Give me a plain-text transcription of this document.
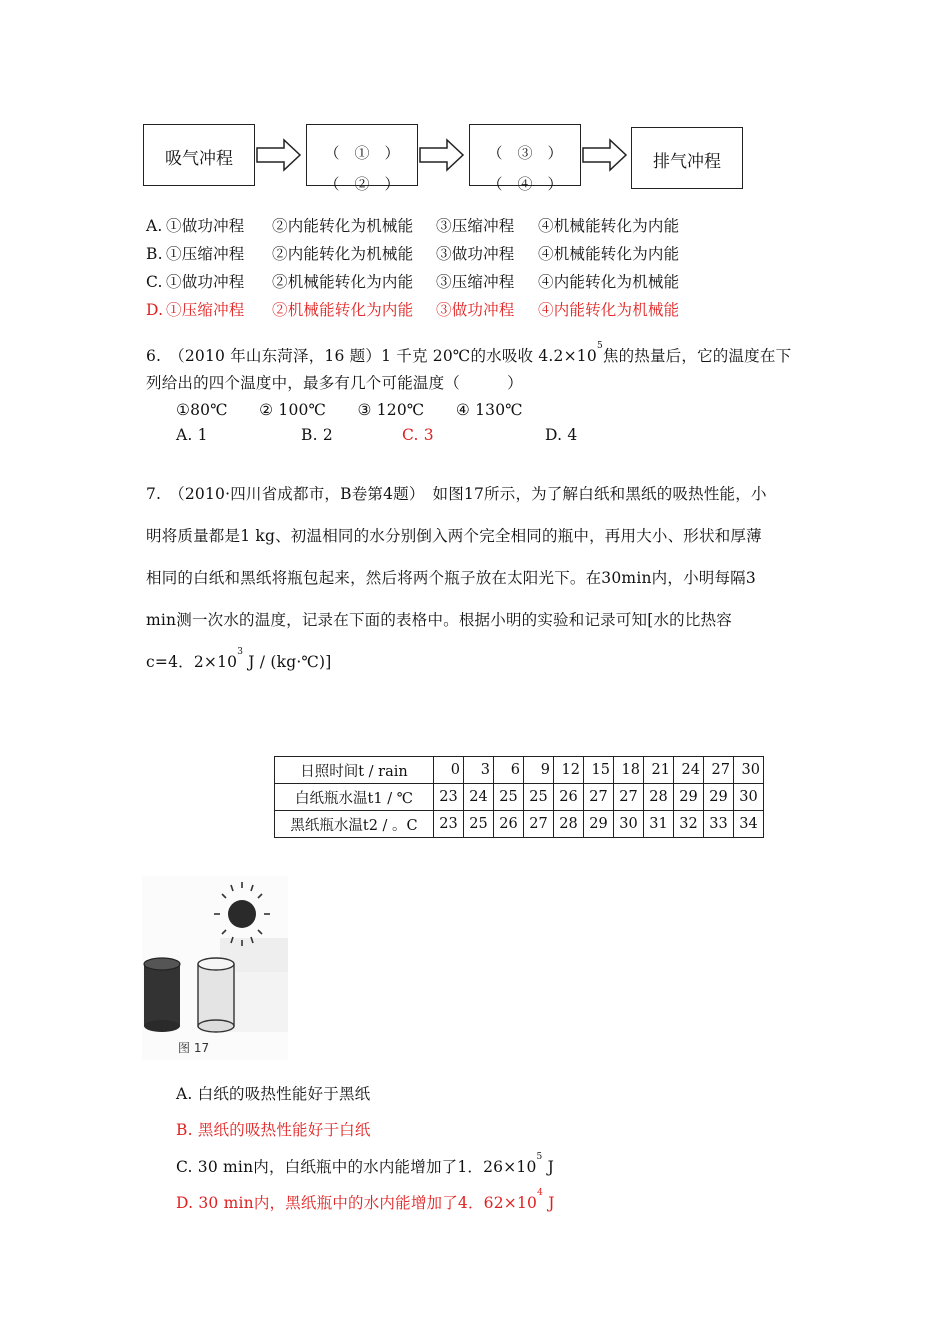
吸气冲程	（　①　）
（　②　）
（　③　）
（　④　）
排气冲程
A. ①做功冲程 ②内能转化为机械能 ③压缩冲程 ④机械能转化为内能
B. ①压缩冲程 ②内能转化为机械能 ③做功冲程 ④机械能转化为内能
C. ①做功冲程 ②机械能转化为内能 ③压缩冲程 ④内能转化为机械能
D. ①压缩冲程 ②机械能转化为内能 ③做功冲程 ④内能转化为机械能
6.　（2010 年山东菏泽，16 题）1 千克 20℃的水吸收 $4.2\times 10^5$焦的热量后，它的温度在下
列给出的四个温度中，最多有几个可能温度（　　　）
①80℃　　② 100℃　　③ 120℃　　④ 130℃
A. 1	B. 2	C. 3	D. 4
7.　（2010·四川省成都市，B卷第4题）　如图17所示，为了解白纸和黑纸的吸热性能，小
明将质量都是1 kg、初温相同的水分别倒入两个完全相同的瓶中，再用大小、形状和厚薄
相同的白纸和黑纸将瓶包起来，然后将两个瓶子放在太阳光下。在30min内，小明每隔3
min测一次水的温度，记录在下面的表格中。根据小明的实验和记录可知[水的比热容
c=4．$2\times 10^3$ J / (kg·℃)]
日照时间t / rain	0	3	6	9	12	15	18	21	24	27	30
白纸瓶水温t1 / ℃	23	24	25	25	26	27	27	28	29	29	30
黑纸瓶水温t2 / 。C	23	25	26	27	28	29	30	31	32	33	34
图 17
A. 白纸的吸热性能好于黑纸
B. 黑纸的吸热性能好于白纸
C. 30 min内，白纸瓶中的水内能增加了1．$26\times 10^5$ J
D. 30 min内，黑纸瓶中的水内能增加了4．$62\times 10^4$ J
